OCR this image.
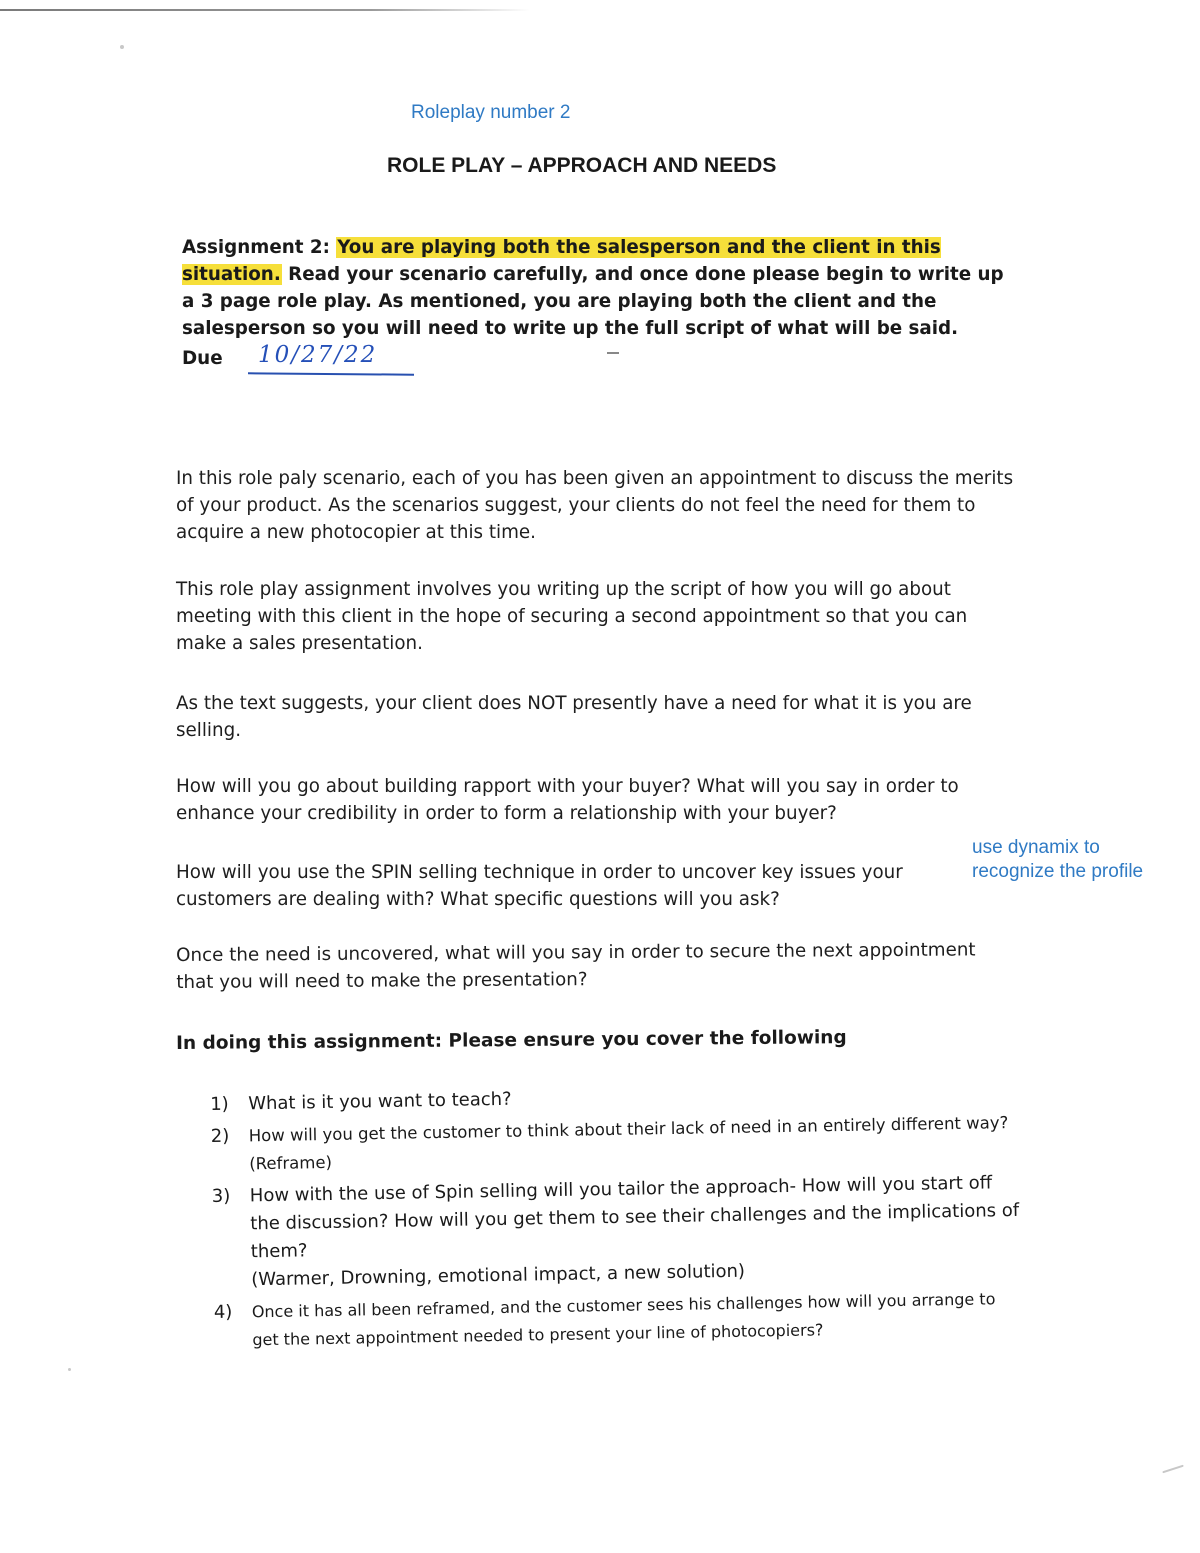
Roleplay number 2
ROLE PLAY – APPROACH AND NEEDS
Assignment 2: You are playing both the salesperson and the client in this situation. Read your scenario carefully, and once done please begin to write up a 3 page role play. As mentioned, you are playing both the client and the salesperson so you will need to write up the full script of what will be said.
Due 10/27/22

In this role paly scenario, each of you has been given an appointment to discuss the merits of your product. As the scenarios suggest, your clients do not feel the need for them to acquire a new photocopier at this time.

This role play assignment involves you writing up the script of how you will go about meeting with this client in the hope of securing a second appointment so that you can make a sales presentation.

As the text suggests, your client does NOT presently have a need for what it is you are selling.

How will you go about building rapport with your buyer? What will you say in order to enhance your credibility in order to form a relationship with your buyer?

use dynamix to
recognize the profile

How will you use the SPIN selling technique in order to uncover key issues your customers are dealing with? What specific questions will you ask?

Once the need is uncovered, what will you say in order to secure the next appointment that you will need to make the presentation?

In doing this assignment: Please ensure you cover the following
1) What is it you want to teach?
2) How will you get the customer to think about their lack of need in an entirely different way? (Reframe)
3) How with the use of Spin selling will you tailor the approach- How will you start off the discussion? How will you get them to see their challenges and the implications of them?
(Warmer, Drowning, emotional impact, a new solution)
4) Once it has all been reframed, and the customer sees his challenges how will you arrange to get the next appointment needed to present your line of photocopiers?
